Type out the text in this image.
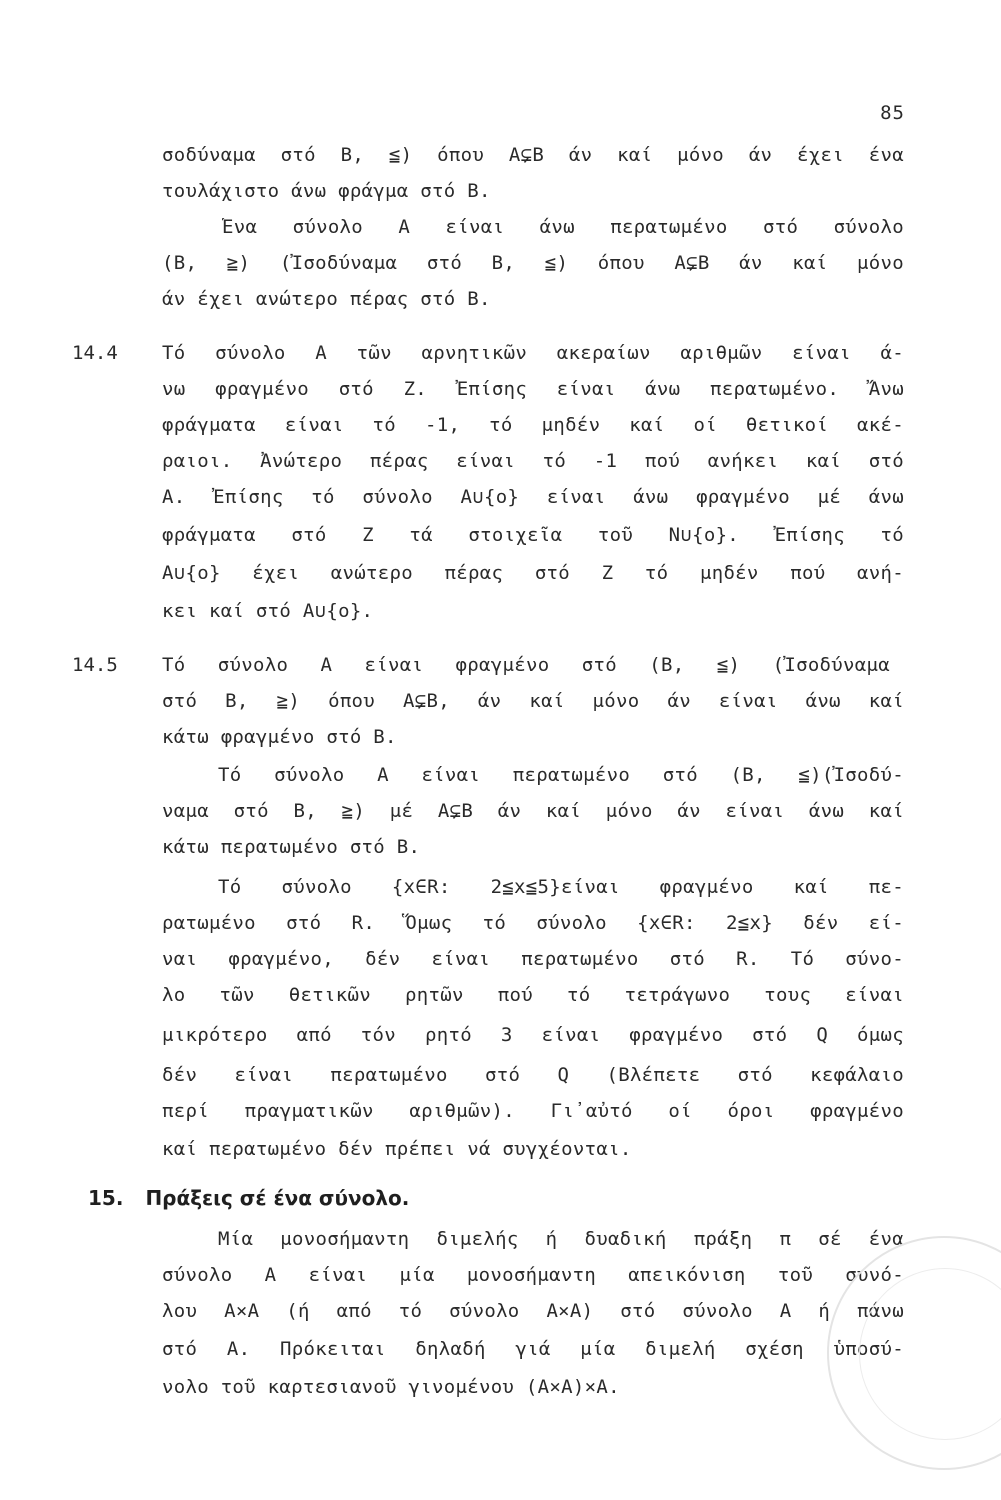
85
σοδύναμα στό Β, ≦) όπου Α⊊Β άν καί μόνο άν έχει ένα
τουλάχιστο άνω φράγμα στό Β.
Ένα σύνολο Α είναι άνω περατωμένο στό σύνολο
(Β, ≧) (Ἰσοδύναμα στό Β, ≦) όπου Α⊊Β άν καί μόνο
άν έχει ανώτερο πέρας στό Β.
14.4 Τό σύνολο Α τῶν αρνητικῶν ακεραίων αριθμῶν είναι ά-
νω φραγμένο στό Ζ. Ἐπίσης είναι άνω περατωμένο. Ἄνω
φράγματα είναι τό -1, τό μηδέν καί οί θετικοί ακέ-
ραιοι. Ἀνώτερο πέρας είναι τό -1 πού ανήκει καί στό
Α. Ἐπίσης τό σύνολο Α∪{ο} είναι άνω φραγμένο μέ άνω
φράγματα στό Ζ τά στοιχεῖα τοῦ Ν∪{ο}. Ἐπίσης τό
Α∪{ο} έχει ανώτερο πέρας στό Ζ τό μηδέν πού ανή-
κει καί στό Α∪{ο}.
14.5 Τό σύνολο Α είναι φραγμένο στό (Β, ≦) (Ἰσοδύναμα
στό Β, ≧) όπου Α⊊Β, άν καί μόνο άν είναι άνω καί
κάτω φραγμένο στό Β.
Τό σύνολο Α είναι περατωμένο στό (Β, ≦)(Ἰσοδύ-
ναμα στό Β, ≧) μέ Α⊊Β άν καί μόνο άν είναι άνω καί
κάτω περατωμένο στό Β.
Τό σύνολο {x∈R: 2≦x≦5}είναι φραγμένο καί πε-
ρατωμένο στό R. Ὅμως τό σύνολο {x∈R: 2≦x} δέν εί-
ναι φραγμένο, δέν είναι περατωμένο στό R. Τό σύνο-
λο τῶν θετικῶν ρητῶν πού τό τετράγωνο τους είναι
μικρότερο από τόν ρητό 3 είναι φραγμένο στό Q όμως
δέν είναι περατωμένο στό Q (Βλέπετε στό κεφάλαιο
περί πραγματικῶν αριθμῶν). Γι᾽αὐτό οί όροι φραγμένο
καί περατωμένο δέν πρέπει νά συγχέονται.
15. Πράξεις σέ ένα σύνολο.
Μία μονοσήμαντη διμελής ή δυαδική πράξη π σέ ένα
σύνολο Α είναι μία μονοσήμαντη απεικόνιση τοῦ συνό-
λου Α×Α (ή από τό σύνολο Α×Α) στό σύνολο Α ή πάνω
στό Α. Πρόκειται δηλαδή γιά μία διμελή σχέση ὑποσύ-
νολο τοῦ καρτεσιανοῦ γινομένου (Α×Α)×Α.
